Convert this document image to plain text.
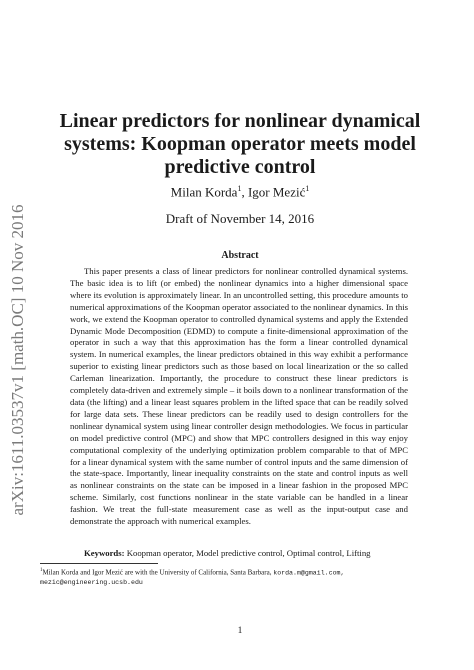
arXiv:1611.03537v1 [math.OC] 10 Nov 2016
Linear predictors for nonlinear dynamical systems: Koopman operator meets model predictive control
Milan Korda$^1$, Igor Mezić$^1$
Draft of November 14, 2016
Abstract

This paper presents a class of linear predictors for nonlinear controlled dynamical systems. The basic idea is to lift (or embed) the nonlinear dynamics into a higher dimensional space where its evolution is approximately linear. In an uncontrolled setting, this procedure amounts to numerical approximations of the Koopman operator associated to the nonlinear dynamics. In this work, we extend the Koopman operator to controlled dynamical systems and apply the Extended Dynamic Mode Decomposition (EDMD) to compute a finite-dimensional approximation of the operator in such a way that this approximation has the form a linear controlled dynamical system. In numerical examples, the linear predictors obtained in this way exhibit a performance superior to existing linear predictors such as those based on local linearization or the so called Carleman linearization. Importantly, the procedure to construct these linear predictors is completely data-driven and extremely simple – it boils down to a nonlinear transformation of the data (the lifting) and a linear least squares problem in the lifted space that can be readily solved for large data sets. These linear predictors can be readily used to design controllers for the nonlinear dynamical system using linear controller design methodologies. We focus in particular on model predictive control (MPC) and show that MPC controllers designed in this way enjoy computational complexity of the underlying optimization problem comparable to that of MPC for a linear dynamical system with the same number of control inputs and the same dimension of the state-space. Importantly, linear inequality constraints on the state and control inputs as well as nonlinear constraints on the state can be imposed in a linear fashion in the proposed MPC scheme. Similarly, cost functions nonlinear in the state variable can be handled in a linear fashion. We treat the full-state measurement case as well as the input-output case and demonstrate the approach with numerical examples.

Keywords: Koopman operator, Model predictive control, Optimal control, Lifting
$^1$Milan Korda and Igor Mezić are with the University of California, Santa Barbara, korda.m@gmail.com,
mezic@engineering.ucsb.edu
1
